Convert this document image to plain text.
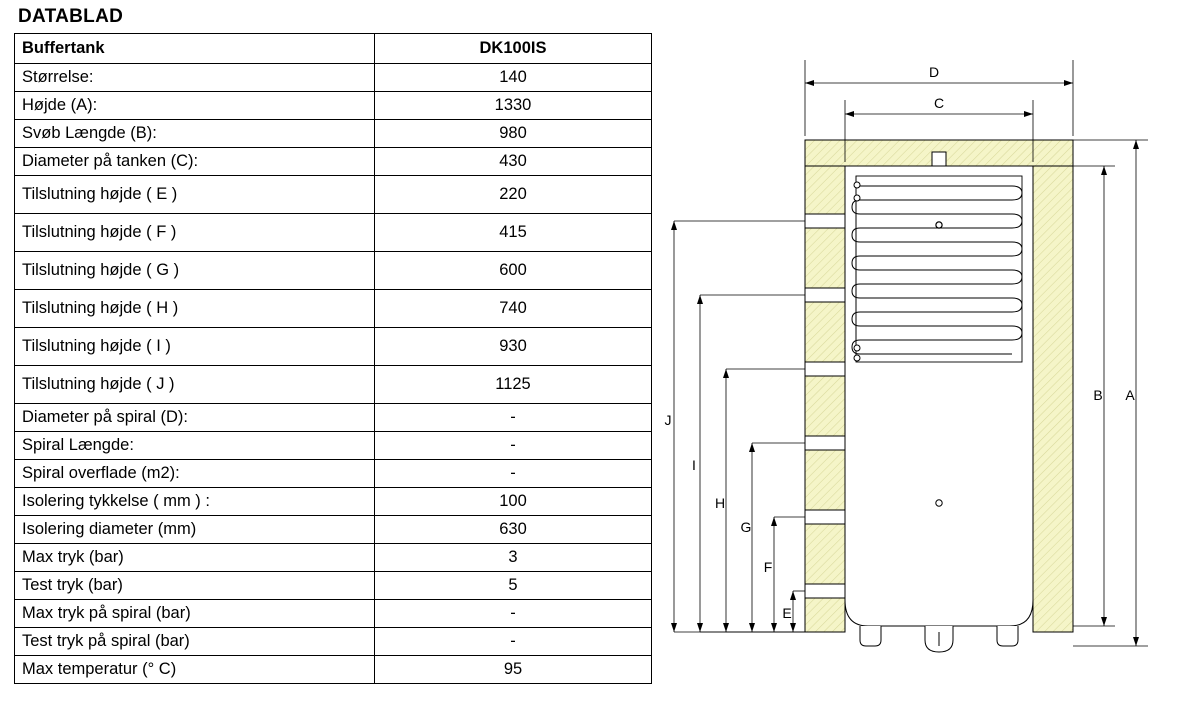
DATABLAD
Buffertank	DK100IS
Størrelse:	140
Højde (A):	1330
Svøb Længde (B):	980
Diameter på tanken (C):	430
Tilslutning højde ( E )	220
Tilslutning højde ( F )	415
Tilslutning højde ( G )	600
Tilslutning højde ( H )	740
Tilslutning højde ( I )	930
Tilslutning højde ( J )	1125
Diameter på spiral (D):	-
Spiral Længde:	-
Spiral overflade (m2):	-
Isolering tykkelse ( mm ) :	100
Isolering diameter (mm)	630
Max tryk (bar)	3
Test tryk (bar)	5
Max tryk på spiral (bar)	-
Test tryk på spiral (bar)	-
Max temperatur (° C)	95
D
C
B A
J
I
H
G
F
E
